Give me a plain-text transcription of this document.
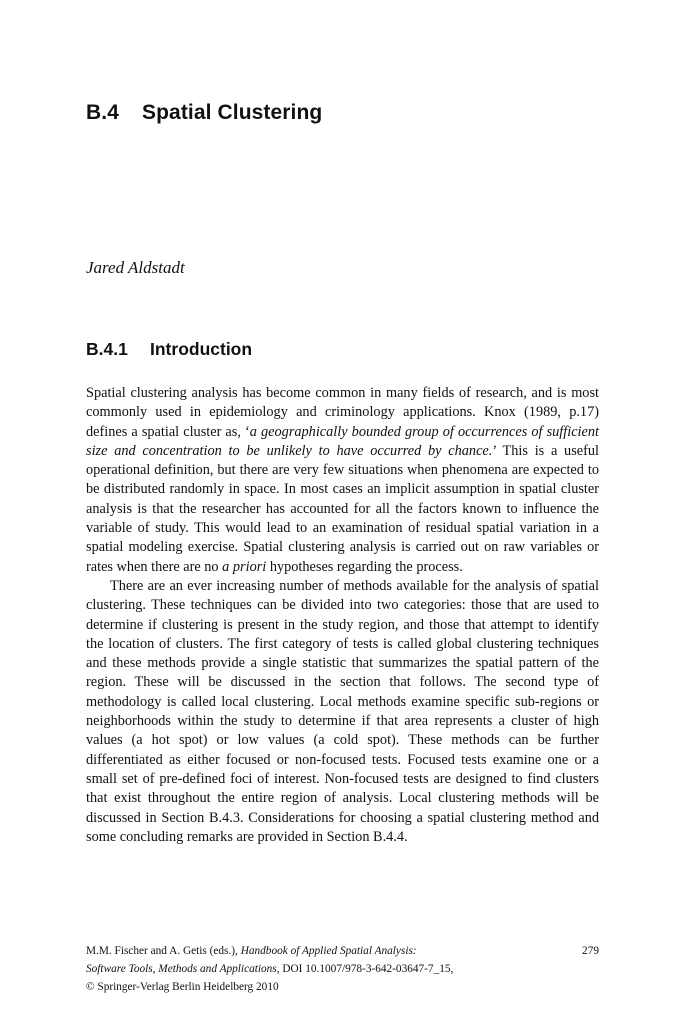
B.4 Spatial Clustering
Jared Aldstadt
B.4.1 Introduction

Spatial clustering analysis has become common in many fields of research, and is most commonly used in epidemiology and criminology applications. Knox (1989, p.17) defines a spatial cluster as, ‘a geographically bounded group of occurrences of sufficient size and concentration to be unlikely to have occurred by chance.’ This is a useful operational definition, but there are very few situations when phenomena are expected to be distributed randomly in space. In most cases an implicit assumption in spatial cluster analysis is that the researcher has accounted for all the factors known to influence the variable of study. This would lead to an examination of residual spatial variation in a spatial modeling exercise. Spatial clustering analysis is carried out on raw variables or rates when there are no a priori hypotheses regarding the process.

There are an ever increasing number of methods available for the analysis of spatial clustering. These techniques can be divided into two categories: those that are used to determine if clustering is present in the study region, and those that attempt to identify the location of clusters. The first category of tests is called global clustering techniques and these methods provide a single statistic that summarizes the spatial pattern of the region. These will be discussed in the section that follows. The second type of methodology is called local clustering. Local methods examine specific sub-regions or neighborhoods within the study to determine if that area represents a cluster of high values (a hot spot) or low values (a cold spot). These methods can be further differentiated as either focused or non-focused tests. Focused tests examine one or a small set of pre-defined foci of interest. Non-focused tests are designed to find clusters that exist throughout the entire region of analysis. Local clustering methods will be discussed in Section B.4.3. Considerations for choosing a spatial clustering method and some concluding remarks are provided in Section B.4.4.

M.M. Fischer and A. Getis (eds.), Handbook of Applied Spatial Analysis:
Software Tools, Methods and Applications, DOI 10.1007/978-3-642-03647-7_15,
© Springer-Verlag Berlin Heidelberg 2010
279
